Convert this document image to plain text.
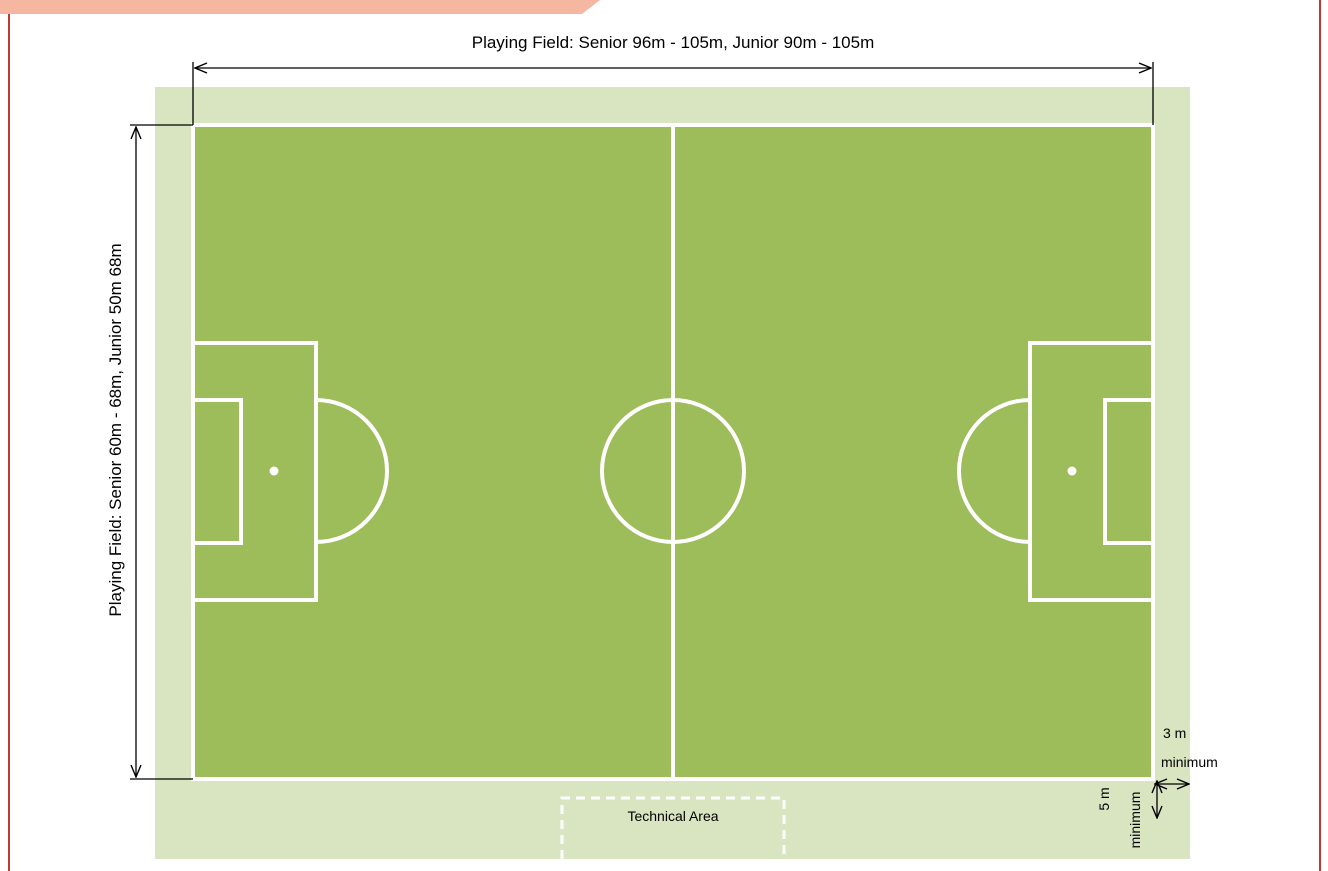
Technical Area
Playing Field: Senior 96m - 105m, Junior 90m - 105m
Playing Field: Senior 60m - 68m, Junior 50m 68m
3 m
minimum
5 m minimum
